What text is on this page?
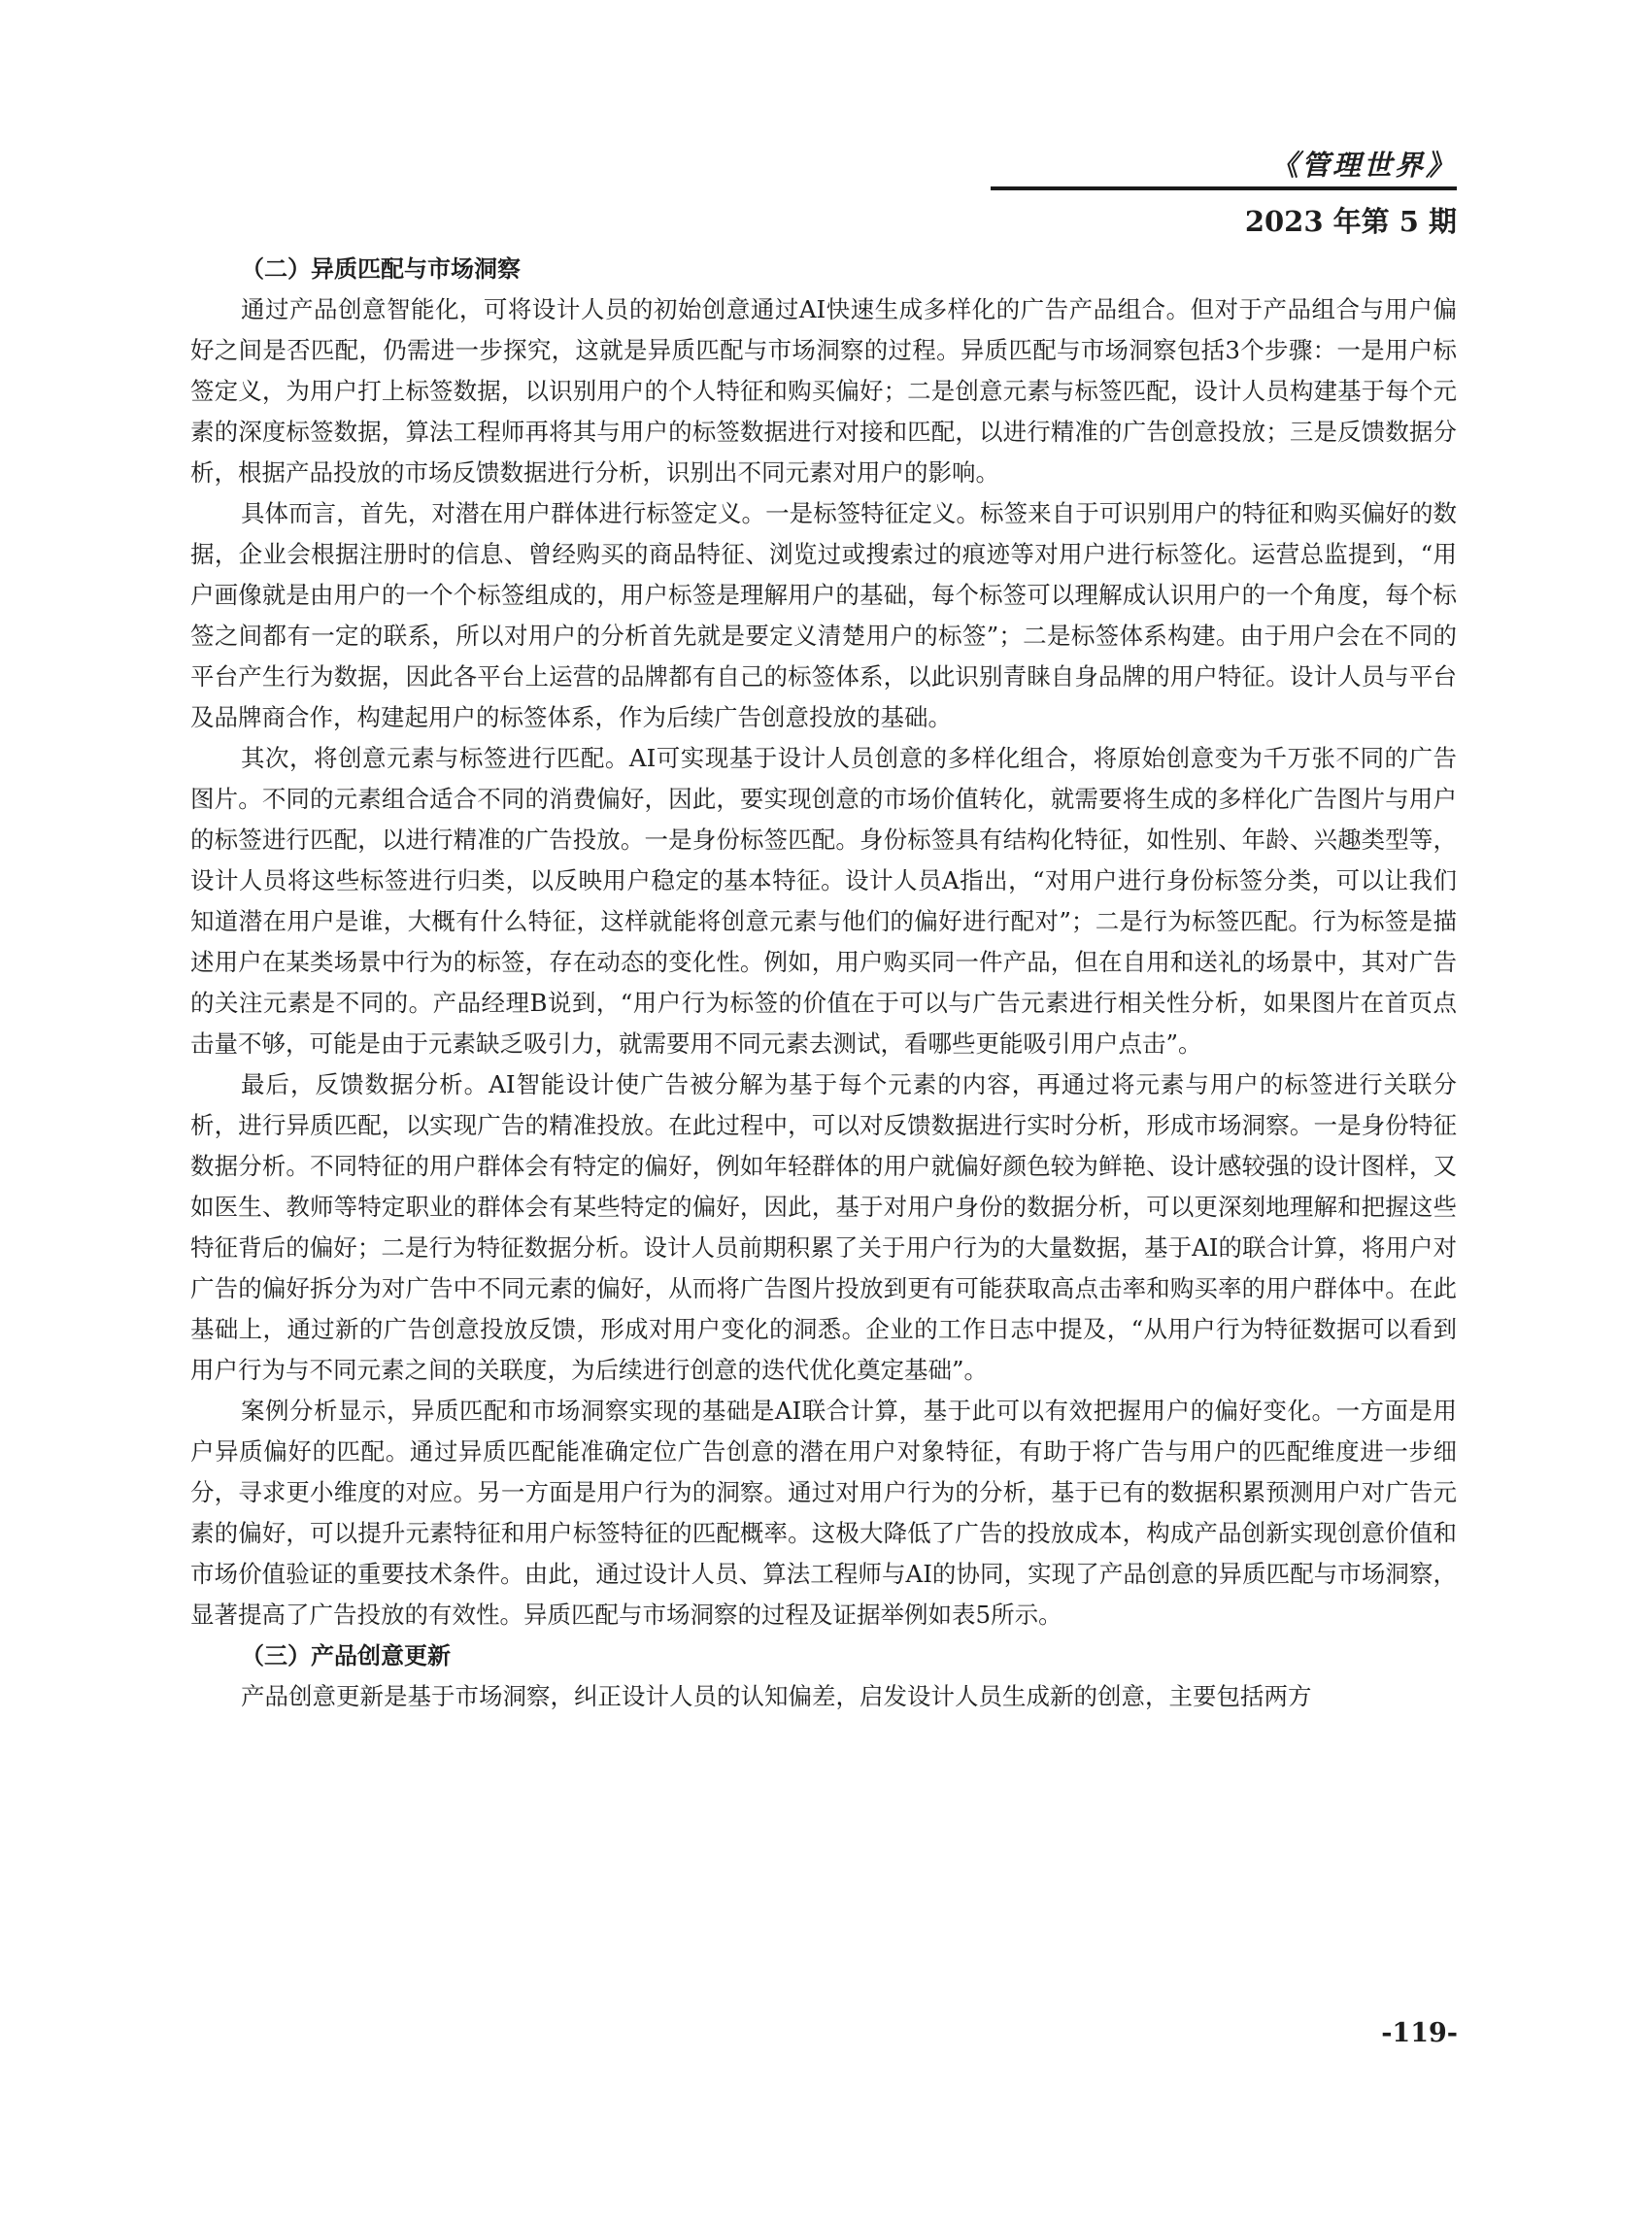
《管理世界》
2023 年第 5 期
（二）异质匹配与市场洞察

通过产品创意智能化，可将设计人员的初始创意通过AI快速生成多样化的广告产品组合。但对于产品组合与用户偏好之间是否匹配，仍需进一步探究，这就是异质匹配与市场洞察的过程。异质匹配与市场洞察包括3个步骤：一是用户标签定义，为用户打上标签数据，以识别用户的个人特征和购买偏好；二是创意元素与标签匹配，设计人员构建基于每个元素的深度标签数据，算法工程师再将其与用户的标签数据进行对接和匹配，以进行精准的广告创意投放；三是反馈数据分析，根据产品投放的市场反馈数据进行分析，识别出不同元素对用户的影响。

具体而言，首先，对潜在用户群体进行标签定义。一是标签特征定义。标签来自于可识别用户的特征和购买偏好的数据，企业会根据注册时的信息、曾经购买的商品特征、浏览过或搜索过的痕迹等对用户进行标签化。运营总监提到，“用户画像就是由用户的一个个标签组成的，用户标签是理解用户的基础，每个标签可以理解成认识用户的一个角度，每个标签之间都有一定的联系，所以对用户的分析首先就是要定义清楚用户的标签”；二是标签体系构建。由于用户会在不同的平台产生行为数据，因此各平台上运营的品牌都有自己的标签体系，以此识别青睐自身品牌的用户特征。设计人员与平台及品牌商合作，构建起用户的标签体系，作为后续广告创意投放的基础。

其次，将创意元素与标签进行匹配。AI可实现基于设计人员创意的多样化组合，将原始创意变为千万张不同的广告图片。不同的元素组合适合不同的消费偏好，因此，要实现创意的市场价值转化，就需要将生成的多样化广告图片与用户的标签进行匹配，以进行精准的广告投放。一是身份标签匹配。身份标签具有结构化特征，如性别、年龄、兴趣类型等，设计人员将这些标签进行归类，以反映用户稳定的基本特征。设计人员A指出，“对用户进行身份标签分类，可以让我们知道潜在用户是谁，大概有什么特征，这样就能将创意元素与他们的偏好进行配对”；二是行为标签匹配。行为标签是描述用户在某类场景中行为的标签，存在动态的变化性。例如，用户购买同一件产品，但在自用和送礼的场景中，其对广告的关注元素是不同的。产品经理B说到，“用户行为标签的价值在于可以与广告元素进行相关性分析，如果图片在首页点击量不够，可能是由于元素缺乏吸引力，就需要用不同元素去测试，看哪些更能吸引用户点击”。

最后，反馈数据分析。AI智能设计使广告被分解为基于每个元素的内容，再通过将元素与用户的标签进行关联分析，进行异质匹配，以实现广告的精准投放。在此过程中，可以对反馈数据进行实时分析，形成市场洞察。一是身份特征数据分析。不同特征的用户群体会有特定的偏好，例如年轻群体的用户就偏好颜色较为鲜艳、设计感较强的设计图样，又如医生、教师等特定职业的群体会有某些特定的偏好，因此，基于对用户身份的数据分析，可以更深刻地理解和把握这些特征背后的偏好；二是行为特征数据分析。设计人员前期积累了关于用户行为的大量数据，基于AI的联合计算，将用户对广告的偏好拆分为对广告中不同元素的偏好，从而将广告图片投放到更有可能获取高点击率和购买率的用户群体中。在此基础上，通过新的广告创意投放反馈，形成对用户变化的洞悉。企业的工作日志中提及，“从用户行为特征数据可以看到用户行为与不同元素之间的关联度，为后续进行创意的迭代优化奠定基础”。

案例分析显示，异质匹配和市场洞察实现的基础是AI联合计算，基于此可以有效把握用户的偏好变化。一方面是用户异质偏好的匹配。通过异质匹配能准确定位广告创意的潜在用户对象特征，有助于将广告与用户的匹配维度进一步细分，寻求更小维度的对应。另一方面是用户行为的洞察。通过对用户行为的分析，基于已有的数据积累预测用户对广告元素的偏好，可以提升元素特征和用户标签特征的匹配概率。这极大降低了广告的投放成本，构成产品创新实现创意价值和市场价值验证的重要技术条件。由此，通过设计人员、算法工程师与AI的协同，实现了产品创意的异质匹配与市场洞察，显著提高了广告投放的有效性。异质匹配与市场洞察的过程及证据举例如表5所示。

（三）产品创意更新

产品创意更新是基于市场洞察，纠正设计人员的认知偏差，启发设计人员生成新的创意，主要包括两方

-119-
